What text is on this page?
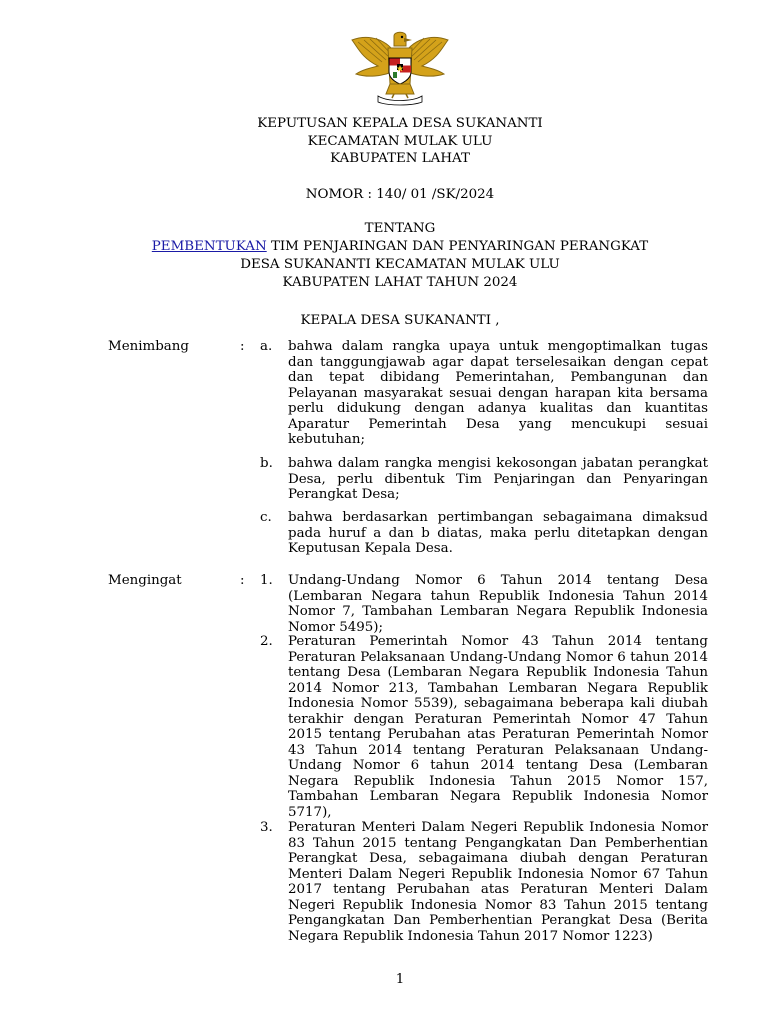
KEPUTUSAN KEPALA DESA SUKANANTI
KECAMATAN MULAK ULU
KABUPATEN LAHAT
NOMOR : 140/ 01 /SK/2024
TENTANG
PEMBENTUKAN TIM PENJARINGAN DAN PENYARINGAN PERANGKAT
DESA SUKANANTI KECAMATAN MULAK ULU
KABUPATEN LAHAT TAHUN 2024
KEPALA DESA SUKANANTI ,
Menimbang	: a. bahwa dalam rangka upaya untuk mengoptimalkan tugas dan tanggungjawab agar dapat terselesaikan dengan cepat dan tepat dibidang Pemerintahan, Pembangunan dan Pelayanan masyarakat sesuai dengan harapan kita bersama perlu didukung dengan adanya kualitas dan kuantitas Aparatur Pemerintah Desa yang mencukupi sesuai kebutuhan;
b. bahwa dalam rangka mengisi kekosongan jabatan perangkat Desa, perlu dibentuk Tim Penjaringan dan Penyaringan Perangkat Desa;
c. bahwa berdasarkan pertimbangan sebagaimana dimaksud pada huruf a dan b diatas, maka perlu ditetapkan dengan Keputusan Kepala Desa.
Mengingat	: 1. Undang-Undang Nomor 6 Tahun 2014 tentang Desa (Lembaran Negara tahun Republik Indonesia Tahun 2014 Nomor 7, Tambahan Lembaran Negara Republik Indonesia Nomor 5495);
2. Peraturan Pemerintah Nomor 43 Tahun 2014 tentang Peraturan Pelaksanaan Undang-Undang Nomor 6 tahun 2014 tentang Desa (Lembaran Negara Republik Indonesia Tahun 2014 Nomor 213, Tambahan Lembaran Negara Republik Indonesia Nomor 5539), sebagaimana beberapa kali diubah terakhir dengan Peraturan Pemerintah Nomor 47 Tahun 2015 tentang Perubahan atas Peraturan Pemerintah Nomor 43 Tahun 2014 tentang Peraturan Pelaksanaan Undang-Undang Nomor 6 tahun 2014 tentang Desa (Lembaran Negara Republik Indonesia Tahun 2015 Nomor 157, Tambahan Lembaran Negara Republik Indonesia Nomor 5717),
3. Peraturan Menteri Dalam Negeri Republik Indonesia Nomor 83 Tahun 2015 tentang Pengangkatan Dan Pemberhentian Perangkat Desa, sebagaimana diubah dengan Peraturan Menteri Dalam Negeri Republik Indonesia Nomor 67 Tahun 2017 tentang Perubahan atas Peraturan Menteri Dalam Negeri Republik Indonesia Nomor 83 Tahun 2015 tentang Pengangkatan Dan Pemberhentian Perangkat Desa (Berita Negara Republik Indonesia Tahun 2017 Nomor 1223)
1
